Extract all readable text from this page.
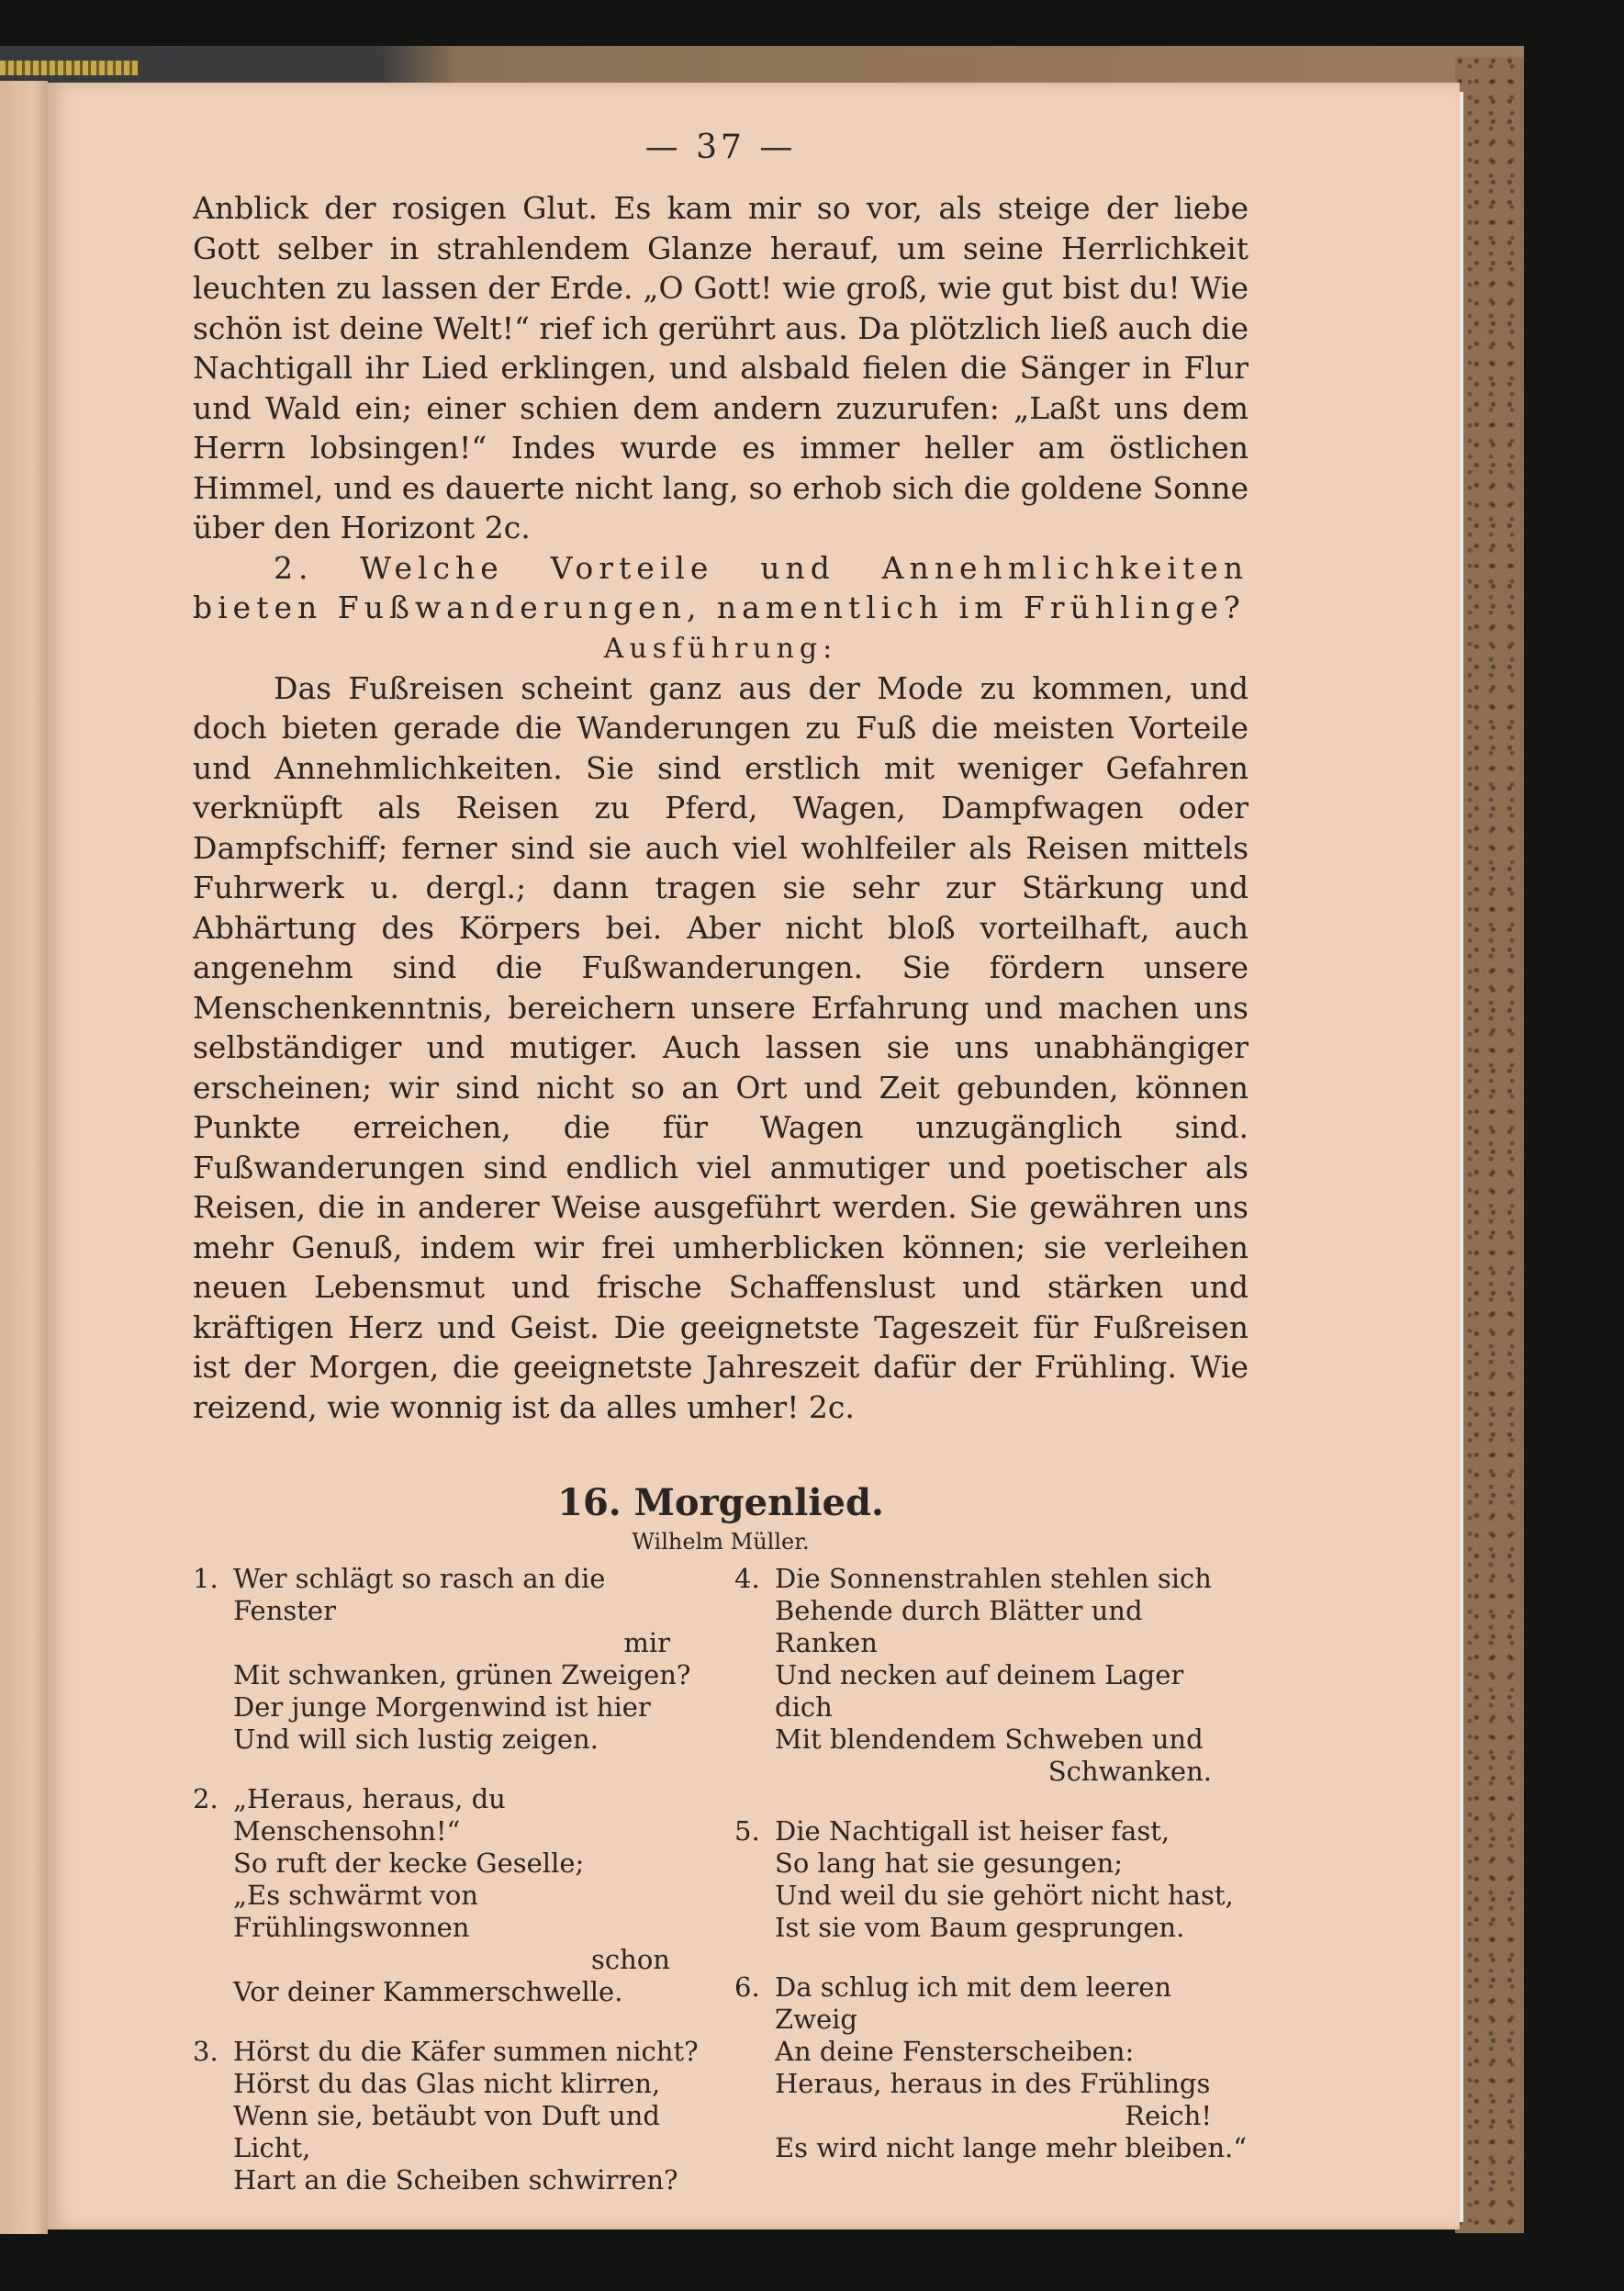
— 37 —

Anblick der rosigen Glut. Es kam mir so vor, als steige der liebe Gott selber in strahlendem Glanze herauf, um seine Herrlichkeit leuchten zu lassen der Erde. „O Gott! wie groß, wie gut bist du! Wie schön ist deine Welt!“ rief ich gerührt aus. Da plötzlich ließ auch die Nachtigall ihr Lied erklingen, und alsbald fielen die Sänger in Flur und Wald ein; einer schien dem andern zuzurufen: „Laßt uns dem Herrn lobsingen!“ Indes wurde es immer heller am östlichen Himmel, und es dauerte nicht lang, so erhob sich die goldene Sonne über den Horizont 2c.

2. Welche Vorteile und Annehmlichkeiten bieten Fußwanderungen, namentlich im Frühlinge?

Ausführung:

Das Fußreisen scheint ganz aus der Mode zu kommen, und doch bieten gerade die Wanderungen zu Fuß die meisten Vorteile und Annehmlichkeiten. Sie sind erstlich mit weniger Gefahren verknüpft als Reisen zu Pferd, Wagen, Dampfwagen oder Dampfschiff; ferner sind sie auch viel wohlfeiler als Reisen mittels Fuhrwerk u. dergl.; dann tragen sie sehr zur Stärkung und Abhärtung des Körpers bei. Aber nicht bloß vorteilhaft, auch angenehm sind die Fußwanderungen. Sie fördern unsere Menschenkenntnis, bereichern unsere Erfahrung und machen uns selbständiger und mutiger. Auch lassen sie uns unabhängiger erscheinen; wir sind nicht so an Ort und Zeit gebunden, können Punkte erreichen, die für Wagen unzugänglich sind. Fußwanderungen sind endlich viel anmutiger und poetischer als Reisen, die in anderer Weise ausgeführt werden. Sie gewähren uns mehr Genuß, indem wir frei umherblicken können; sie verleihen neuen Lebensmut und frische Schaffenslust und stärken und kräftigen Herz und Geist. Die geeignetste Tageszeit für Fußreisen ist der Morgen, die geeignetste Jahreszeit dafür der Frühling. Wie reizend, wie wonnig ist da alles umher! 2c.

16. Morgenlied.
Wilhelm Müller.
1. Wer schlägt so rasch an die Fenster
mir
Mit schwanken, grünen Zweigen?
Der junge Morgenwind ist hier
Und will sich lustig zeigen.
2. „Heraus, heraus, du Menschensohn!“
So ruft der kecke Geselle;
„Es schwärmt von Frühlingswonnen
schon
Vor deiner Kammerschwelle.
3. Hörst du die Käfer summen nicht?
Hörst du das Glas nicht klirren,
Wenn sie, betäubt von Duft und Licht,
Hart an die Scheiben schwirren?
4. Die Sonnenstrahlen stehlen sich
Behende durch Blätter und Ranken
Und necken auf deinem Lager dich
Mit blendendem Schweben und
Schwanken.
5. Die Nachtigall ist heiser fast,
So lang hat sie gesungen;
Und weil du sie gehört nicht hast,
Ist sie vom Baum gesprungen.
6. Da schlug ich mit dem leeren Zweig
An deine Fensterscheiben:
Heraus, heraus in des Frühlings
Reich!
Es wird nicht lange mehr bleiben.“
